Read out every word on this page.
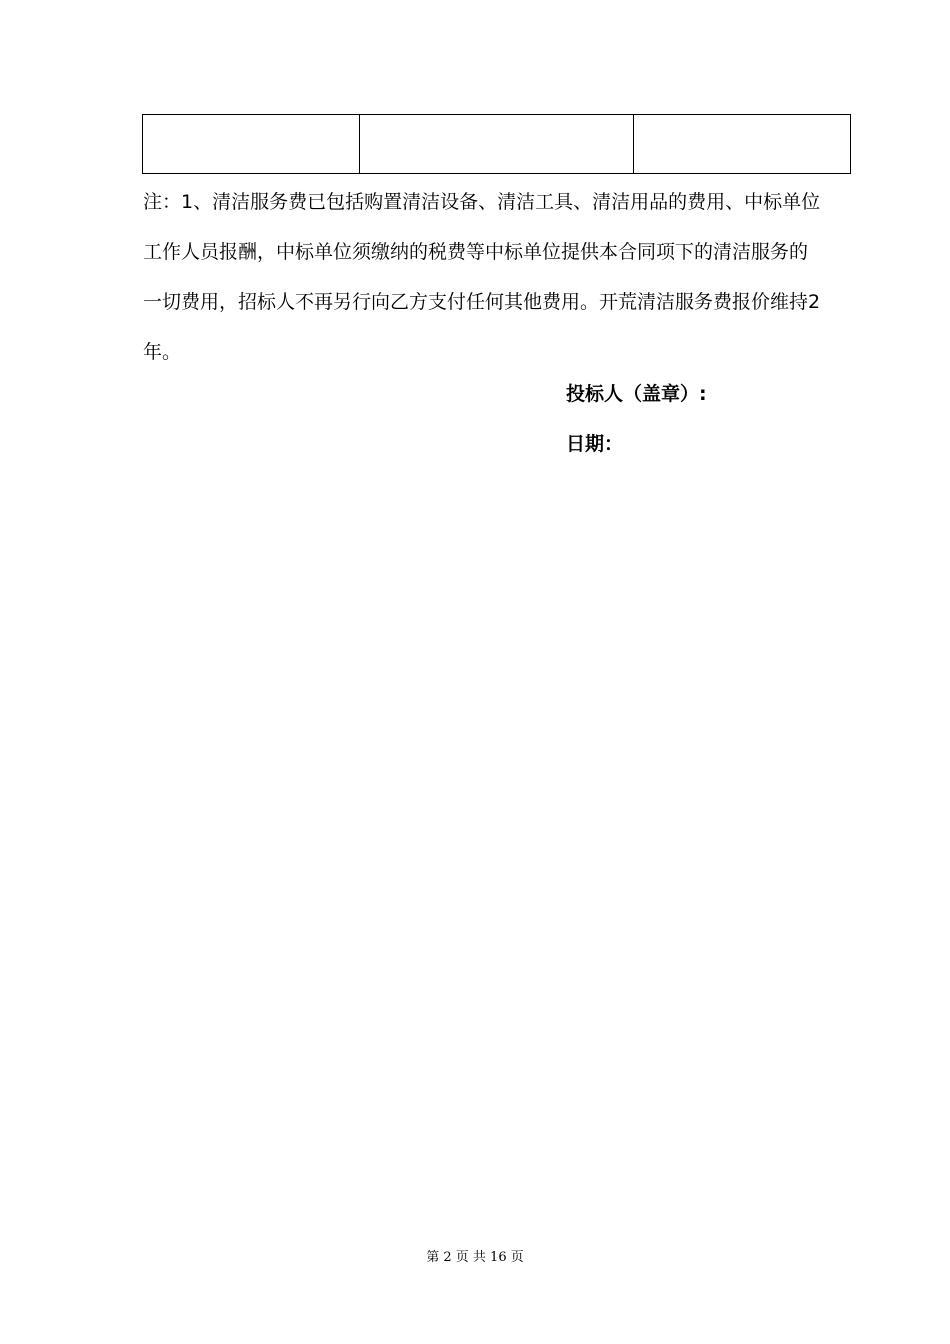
注：1、清洁服务费已包括购置清洁设备、清洁工具、清洁用品的费用、中标单位
工作人员报酬，中标单位须缴纳的税费等中标单位提供本合同项下的清洁服务的
一切费用，招标人不再另行向乙方支付任何其他费用。开荒清洁服务费报价维持2
年。

投标人（盖章）:
日期：
第 2 页 共 16 页
